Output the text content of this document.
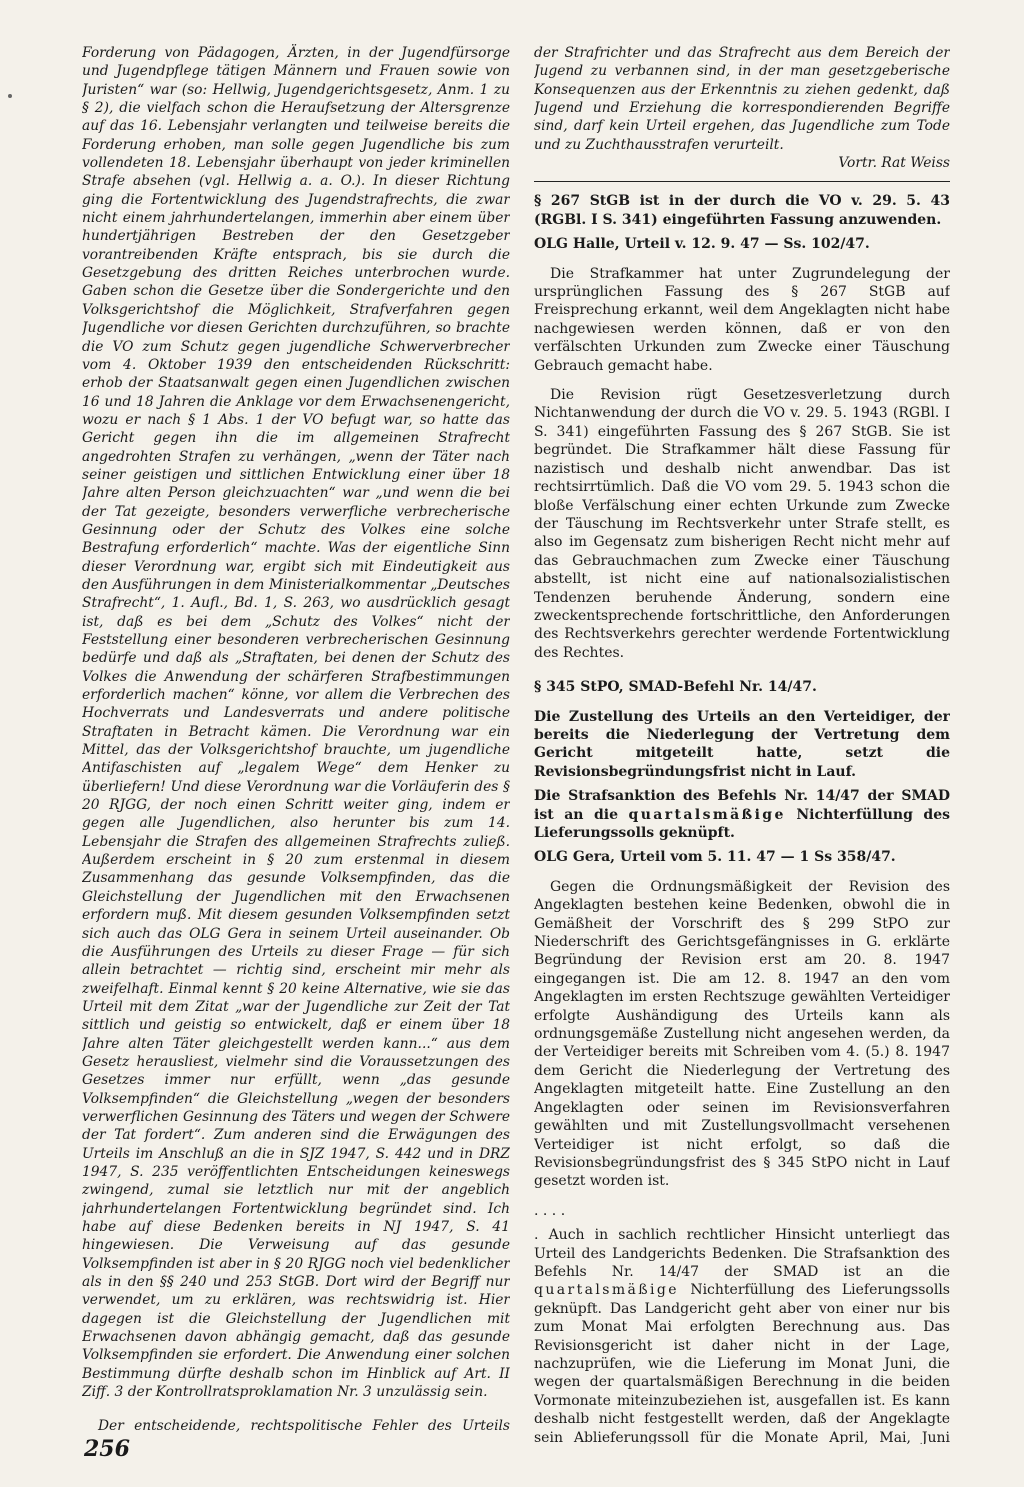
Forderung von Pädagogen, Ärzten, in der Jugendfürsorge und Jugendpflege tätigen Männern und Frauen sowie von Juristen“ war (so: Hellwig, Jugendgerichtsgesetz, Anm. 1 zu § 2), die vielfach schon die Heraufsetzung der Altersgrenze auf das 16. Lebensjahr verlangten und teilweise bereits die Forderung erhoben, man solle gegen Jugendliche bis zum vollendeten 18. Lebensjahr überhaupt von jeder kriminellen Strafe absehen (vgl. Hellwig a. a. O.). In dieser Richtung ging die Fortentwicklung des Jugendstrafrechts, die zwar nicht einem jahrhundertelangen, immerhin aber einem über hundertjährigen Bestreben der den Gesetzgeber vorantreibenden Kräfte entsprach, bis sie durch die Gesetzgebung des dritten Reiches unterbrochen wurde. Gaben schon die Gesetze über die Sondergerichte und den Volksgerichtshof die Möglichkeit, Strafverfahren gegen Jugendliche vor diesen Gerichten durchzuführen, so brachte die VO zum Schutz gegen jugendliche Schwerverbrecher vom 4. Oktober 1939 den entscheidenden Rückschritt: erhob der Staatsanwalt gegen einen Jugendlichen zwischen 16 und 18 Jahren die Anklage vor dem Erwachsenengericht, wozu er nach § 1 Abs. 1 der VO befugt war, so hatte das Gericht gegen ihn die im allgemeinen Strafrecht angedrohten Strafen zu verhängen, „wenn der Täter nach seiner geistigen und sittlichen Entwicklung einer über 18 Jahre alten Person gleichzuachten“ war „und wenn die bei der Tat gezeigte, besonders verwerfliche verbrecherische Gesinnung oder der Schutz des Volkes eine solche Bestrafung erforderlich“ machte. Was der eigentliche Sinn dieser Verordnung war, ergibt sich mit Eindeutigkeit aus den Ausführungen in dem Ministerialkommentar „Deutsches Strafrecht“, 1. Aufl., Bd. 1, S. 263, wo ausdrücklich gesagt ist, daß es bei dem „Schutz des Volkes“ nicht der Feststellung einer besonderen verbrecherischen Gesinnung bedürfe und daß als „Straftaten, bei denen der Schutz des Volkes die Anwendung der schärferen Strafbestimmungen erforderlich machen“ könne, vor allem die Verbrechen des Hochverrats und Landesverrats und andere politische Straftaten in Betracht kämen. Die Verordnung war ein Mittel, das der Volksgerichtshof brauchte, um jugendliche Antifaschisten auf „legalem Wege“ dem Henker zu überliefern! Und diese Verordnung war die Vorläuferin des § 20 RJGG, der noch einen Schritt weiter ging, indem er gegen alle Jugendlichen, also herunter bis zum 14. Lebensjahr die Strafen des allgemeinen Strafrechts zuließ. Außerdem erscheint in § 20 zum erstenmal in diesem Zusammenhang das gesunde Volksempfinden, das die Gleichstellung der Jugendlichen mit den Erwachsenen erfordern muß. Mit diesem gesunden Volksempfinden setzt sich auch das OLG Gera in seinem Urteil auseinander. Ob die Ausführungen des Urteils zu dieser Frage — für sich allein betrachtet — richtig sind, erscheint mir mehr als zweifelhaft. Einmal kennt § 20 keine Alternative, wie sie das Urteil mit dem Zitat „war der Jugendliche zur Zeit der Tat sittlich und geistig so entwickelt, daß er einem über 18 Jahre alten Täter gleichgestellt werden kann...“ aus dem Gesetz herausliest, vielmehr sind die Voraussetzungen des Gesetzes immer nur erfüllt, wenn „das gesunde Volksempfinden“ die Gleichstellung „wegen der besonders verwerflichen Gesinnung des Täters und wegen der Schwere der Tat fordert“. Zum anderen sind die Erwägungen des Urteils im Anschluß an die in SJZ 1947, S. 442 und in DRZ 1947, S. 235 veröffentlichten Entscheidungen keineswegs zwingend, zumal sie letztlich nur mit der angeblich jahrhundertelangen Fortentwicklung begründet sind. Ich habe auf diese Bedenken bereits in NJ 1947, S. 41 hingewiesen. Die Verweisung auf das gesunde Volksempfinden ist aber in § 20 RJGG noch viel bedenklicher als in den §§ 240 und 253 StGB. Dort wird der Begriff nur verwendet, um zu erklären, was rechtswidrig ist. Hier dagegen ist die Gleichstellung der Jugendlichen mit Erwachsenen davon abhängig gemacht, daß das gesunde Volksempfinden sie erfordert. Die Anwendung einer solchen Bestimmung dürfte deshalb schon im Hinblick auf Art. II Ziff. 3 der Kontrollratsproklamation Nr. 3 unzulässig sein.

Der entscheidende, rechtspolitische Fehler des Urteils

der Strafrichter und das Strafrecht aus dem Bereich der Jugend zu verbannen sind, in der man gesetzgeberische Konsequenzen aus der Erkenntnis zu ziehen gedenkt, daß Jugend und Erziehung die korrespondierenden Begriffe sind, darf kein Urteil ergehen, das Jugendliche zum Tode und zu Zuchthausstrafen verurteilt.

Vortr. Rat Weiss

§ 267 StGB ist in der durch die VO v. 29. 5. 43 (RGBl. I S. 341) eingeführten Fassung anzuwenden.

OLG Halle, Urteil v. 12. 9. 47 — Ss. 102/47.

Die Strafkammer hat unter Zugrundelegung der ursprünglichen Fassung des § 267 StGB auf Freisprechung erkannt, weil dem Angeklagten nicht habe nachgewiesen werden können, daß er von den verfälschten Urkunden zum Zwecke einer Täuschung Gebrauch gemacht habe.

Die Revision rügt Gesetzesverletzung durch Nichtanwendung der durch die VO v. 29. 5. 1943 (RGBl. I S. 341) eingeführten Fassung des § 267 StGB. Sie ist begründet. Die Strafkammer hält diese Fassung für nazistisch und deshalb nicht anwendbar. Das ist rechtsirrtümlich. Daß die VO vom 29. 5. 1943 schon die bloße Verfälschung einer echten Urkunde zum Zwecke der Täuschung im Rechtsverkehr unter Strafe stellt, es also im Gegensatz zum bisherigen Recht nicht mehr auf das Gebrauchmachen zum Zwecke einer Täuschung abstellt, ist nicht eine auf nationalsozialistischen Tendenzen beruhende Änderung, sondern eine zweckentsprechende fortschrittliche, den Anforderungen des Rechtsverkehrs gerechter werdende Fortentwicklung des Rechtes.

§ 345 StPO, SMAD-Befehl Nr. 14/47.

Die Zustellung des Urteils an den Verteidiger, der bereits die Niederlegung der Vertretung dem Gericht mitgeteilt hatte, setzt die Revisionsbegründungsfrist nicht in Lauf.

Die Strafsanktion des Befehls Nr. 14/47 der SMAD ist an die quartalsmäßige Nichterfüllung des Lieferungssolls geknüpft.

OLG Gera, Urteil vom 5. 11. 47 — 1 Ss 358/47.

Gegen die Ordnungsmäßigkeit der Revision des Angeklagten bestehen keine Bedenken, obwohl die in Gemäßheit der Vorschrift des § 299 StPO zur Niederschrift des Gerichtsgefängnisses in G. erklärte Begründung der Revision erst am 20. 8. 1947 eingegangen ist. Die am 12. 8. 1947 an den vom Angeklagten im ersten Rechtszuge gewählten Verteidiger erfolgte Aushändigung des Urteils kann als ordnungsgemäße Zustellung nicht angesehen werden, da der Verteidiger bereits mit Schreiben vom 4. (5.) 8. 1947 dem Gericht die Niederlegung der Vertretung des Angeklagten mitgeteilt hatte. Eine Zustellung an den Angeklagten oder seinen im Revisionsverfahren gewählten und mit Zustellungsvollmacht versehenen Verteidiger ist nicht erfolgt, so daß die Revisionsbegründungsfrist des § 345 StPO nicht in Lauf gesetzt worden ist.

. . . .

. Auch in sachlich rechtlicher Hinsicht unterliegt das Urteil des Landgerichts Bedenken. Die Strafsanktion des Befehls Nr. 14/47 der SMAD ist an die quartalsmäßige Nichterfüllung des Lieferungssolls geknüpft. Das Landgericht geht aber von einer nur bis zum Monat Mai erfolgten Berechnung aus. Das Revisionsgericht ist daher nicht in der Lage, nachzuprüfen, wie die Lieferung im Monat Juni, die wegen der quartalsmäßigen Berechnung in die beiden Vormonate miteinzubeziehen ist, ausgefallen ist. Es kann deshalb nicht festgestellt werden, daß der Angeklagte sein Ablieferungssoll für die Monate April, Mai, Juni

256
